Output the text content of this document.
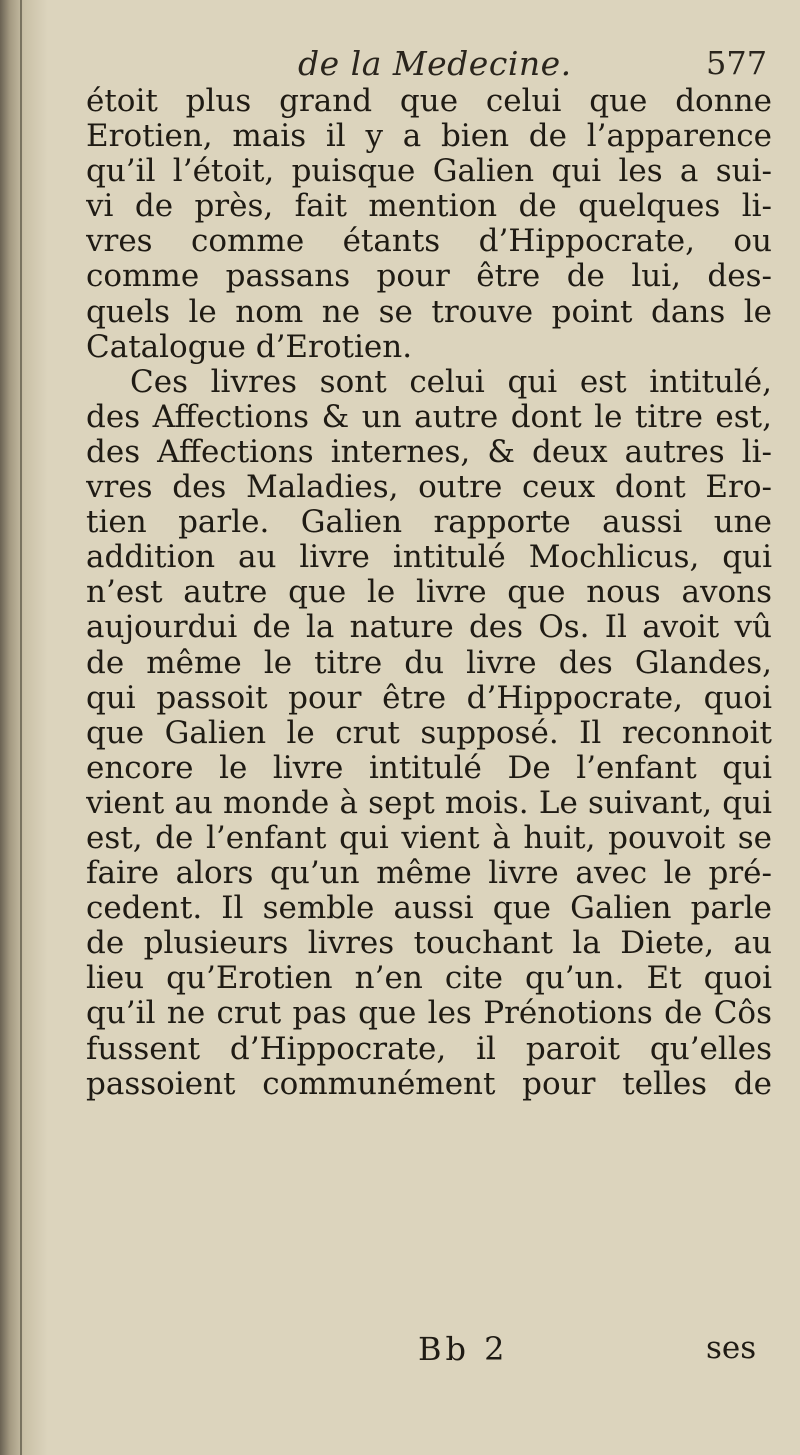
de la Medecine.	577
étoit plus grand que celui que donne
Erotien, mais il y a bien de l’apparence
qu’il l’étoit, puisque Galien qui les a sui-
vi de près, fait mention de quelques li-
vres comme étants d’Hippocrate, ou
comme passans pour être de lui, des-
quels le nom ne se trouve point dans le
Catalogue d’Erotien.
Ces livres sont celui qui est intitulé,
des Affections & un autre dont le titre est,
des Affections internes, & deux autres li-
vres des Maladies, outre ceux dont Ero-
tien parle. Galien rapporte aussi une
addition au livre intitulé Mochlicus, qui
n’est autre que le livre que nous avons
aujourdui de la nature des Os. Il avoit vû
de même le titre du livre des Glandes,
qui passoit pour être d’Hippocrate, quoi
que Galien le crut supposé. Il reconnoit
encore le livre intitulé De l’enfant qui
vient au monde à sept mois. Le suivant, qui
est, de l’enfant qui vient à huit, pouvoit se
faire alors qu’un même livre avec le pré-
cedent. Il semble aussi que Galien parle
de plusieurs livres touchant la Diete, au
lieu qu’Erotien n’en cite qu’un. Et quoi
qu’il ne crut pas que les Prénotions de Côs
fussent d’Hippocrate, il paroit qu’elles
passoient communément pour telles de
Bb 2	ses
